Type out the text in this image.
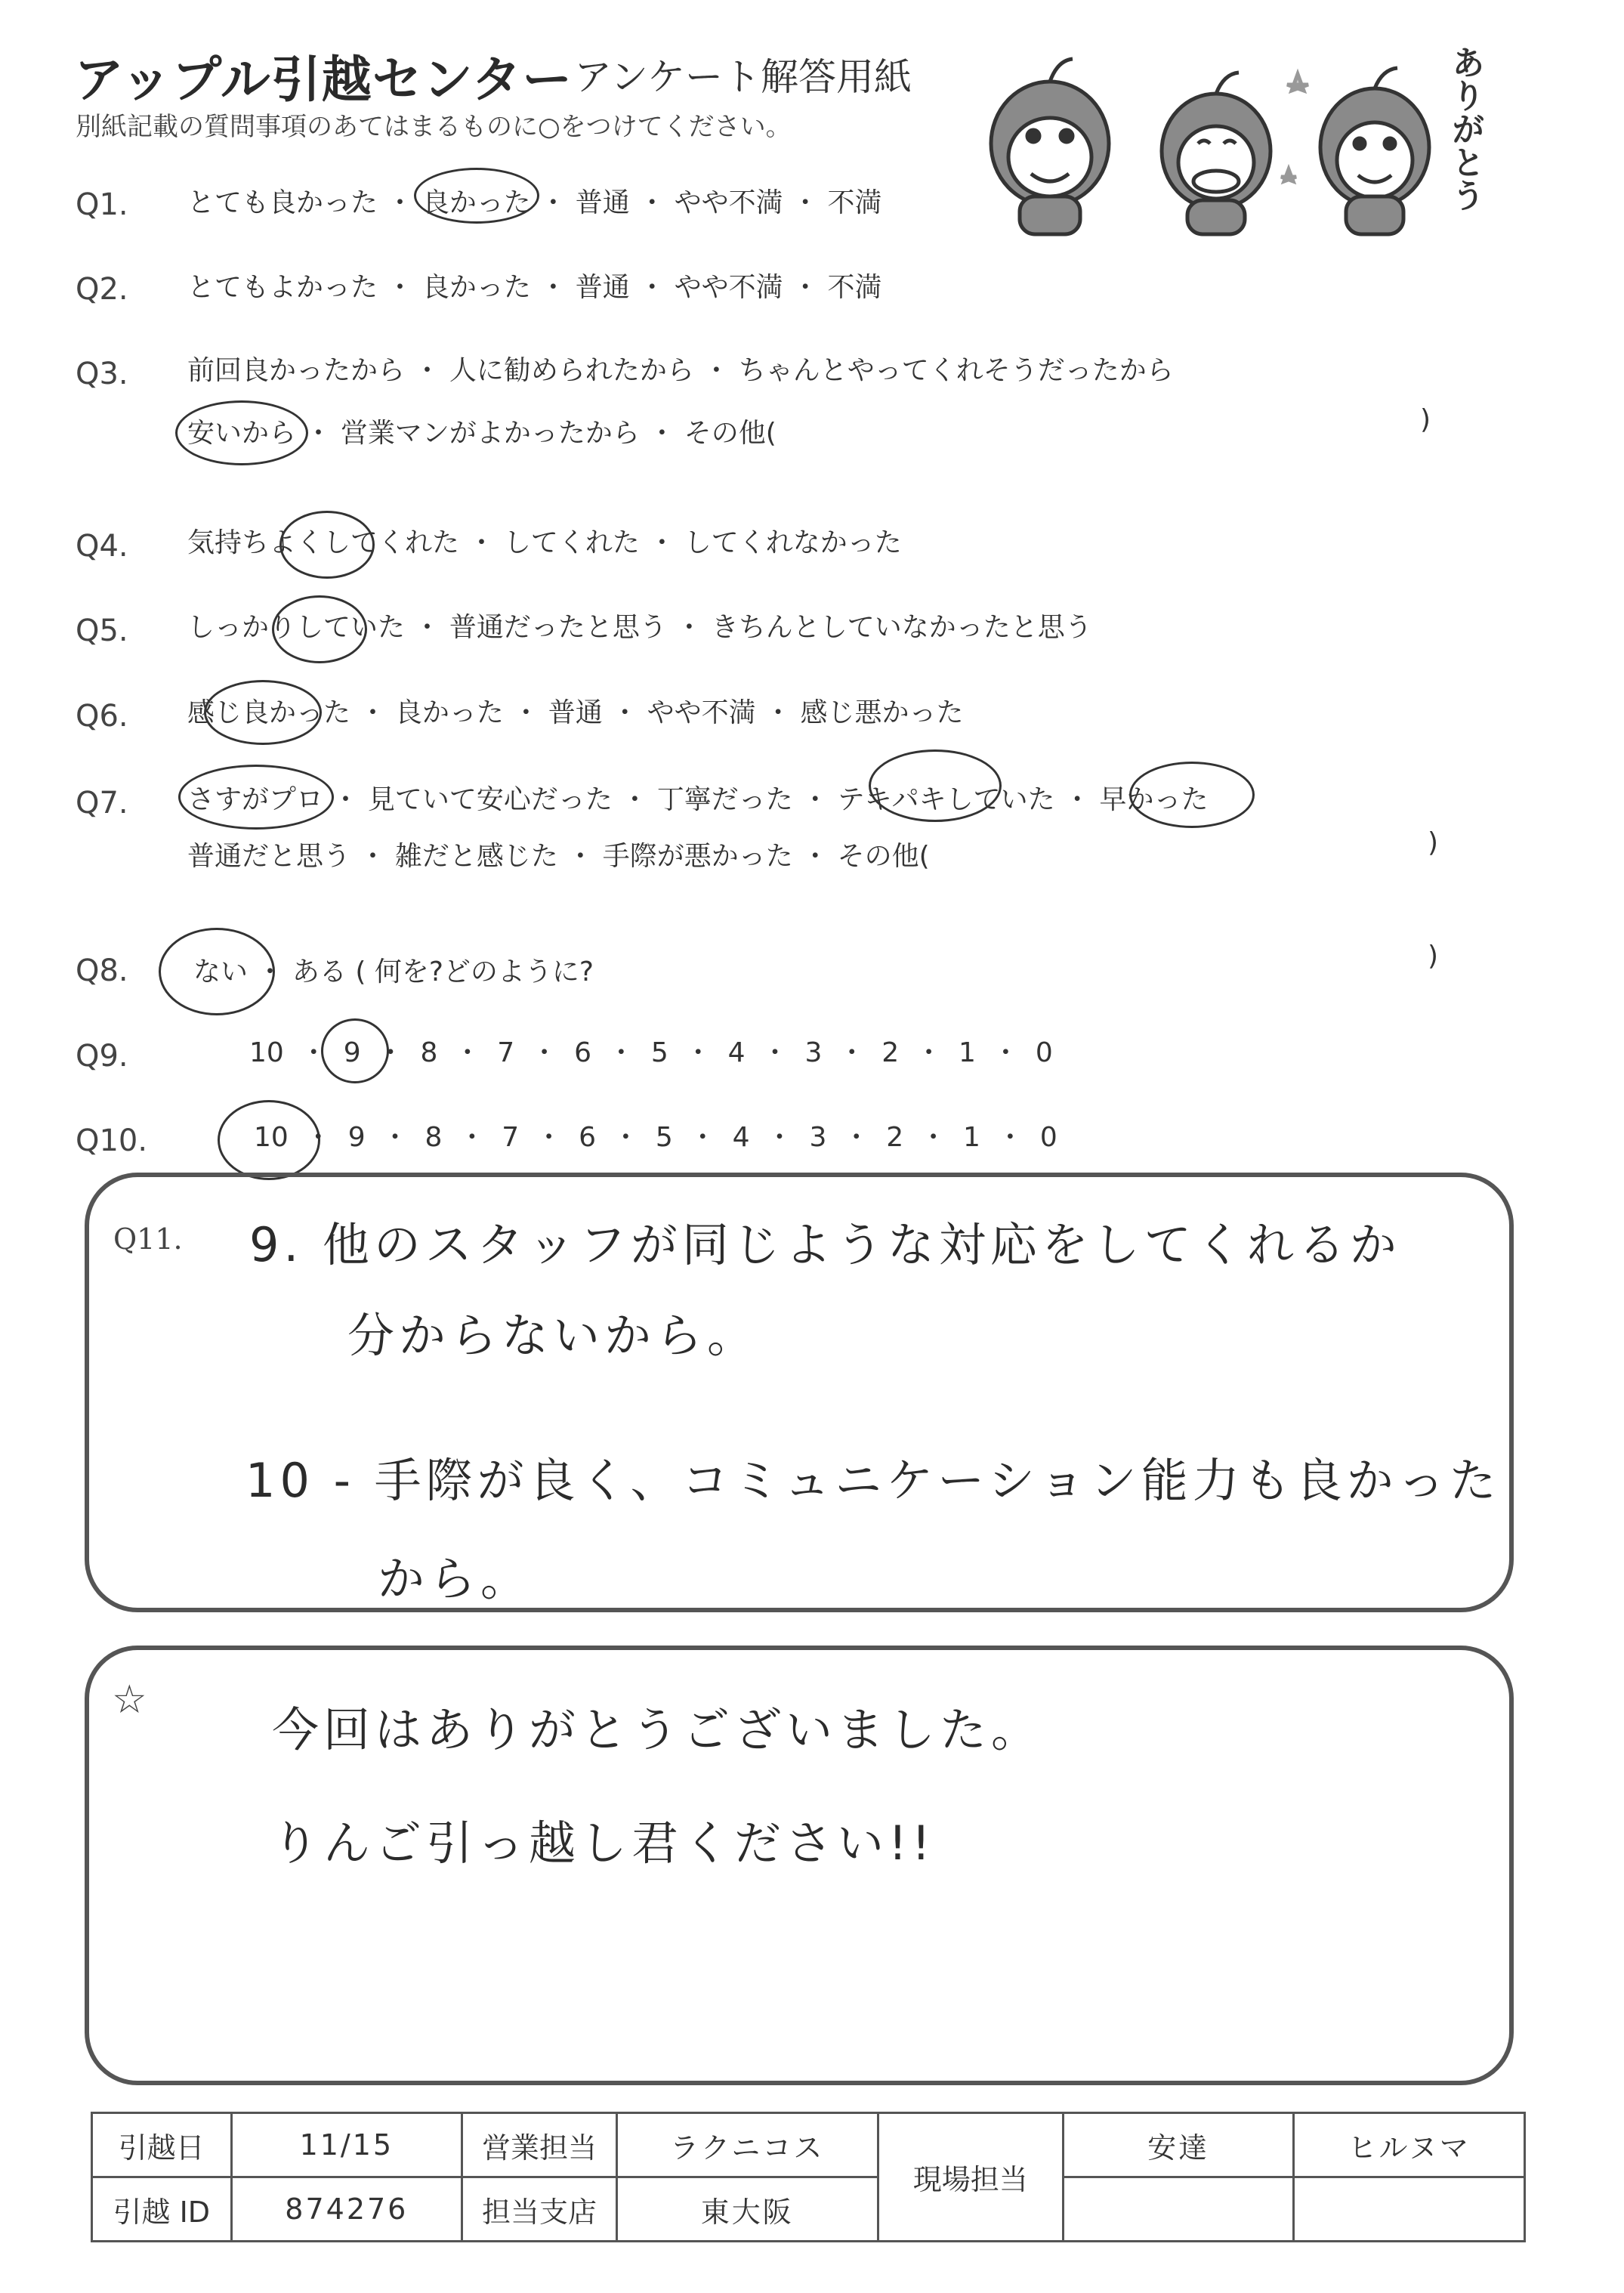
アップル引越センター アンケート解答用紙
別紙記載の質問事項のあてはまるものに○をつけてください。	ありがとう
Q1. とても良かった ・ 良かった ・ 普通 ・ やや不満 ・ 不満
Q2. とてもよかった ・ 良かった ・ 普通 ・ やや不満 ・ 不満
Q3. 前回良かったから ・ 人に勧められたから ・ ちゃんとやってくれそうだったから
安いから ・ 営業マンがよかったから ・ その他(	)
Q4. 気持ちよくしてくれた ・ してくれた ・ してくれなかった
Q5. しっかりしていた ・ 普通だったと思う ・ きちんとしていなかったと思う
Q6. 感じ良かった ・ 良かった ・ 普通 ・ やや不満 ・ 感じ悪かった
Q7. さすがプロ ・ 見ていて安心だった ・ 丁寧だった ・ テキパキしていた ・ 早かった
普通だと思う ・ 雑だと感じた ・ 手際が悪かった ・ その他(	)
Q8. ない ・ ある ( 何を?どのように?
)
Q9.	10 ・ 9 ・ 8 ・ 7 ・ 6 ・ 5 ・ 4 ・ 3 ・ 2 ・ 1 ・ 0
Q10.	10 ・ 9 ・ 8 ・ 7 ・ 6 ・ 5 ・ 4 ・ 3 ・ 2 ・ 1 ・ 0
Q11. 9. 他のスタッフが同じような対応をしてくれるか
分からないから。
10 - 手際が良く、コミュニケーション能力も良かった
から。
☆
今回はありがとうございました。
りんご引っ越し君ください!!
引越日	11/15	営業担当	ラクニコス	現場担当	安達	ヒルヌマ
引越 ID	874276	担当支店	東大阪			
